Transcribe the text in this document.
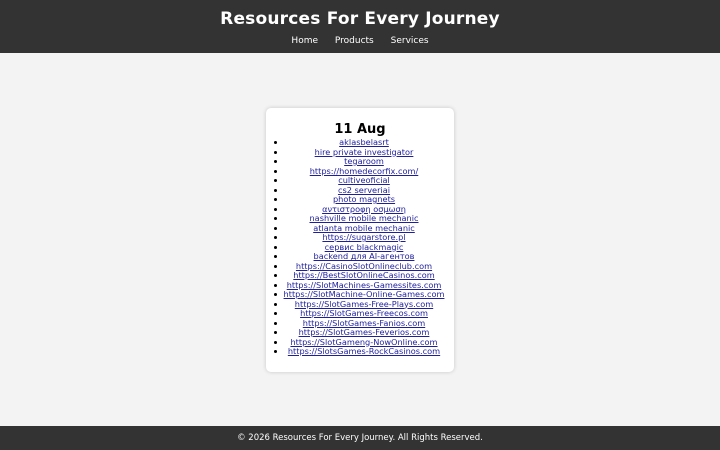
Resources For Every Journey
Home Products Services
11 Aug
aklasbelasrt
hire private investigator
tegaroom
https://homedecorfix.com/
cultiveoficial
cs2 serveriai
photo magnets
αντιστροφη οσμωση
nashville mobile mechanic
atlanta mobile mechanic
https://sugarstore.pl
сервис blackmagic
backend для AI-агентов
https://CasinoSlotOnlineclub.com
https://BestSlotOnlineCasinos.com
https://SlotMachines-Gamessites.com
https://SlotMachine-Online-Games.com
https://SlotGames-Free-Plays.com
https://SlotGames-Freecos.com
https://SlotGames-Fanios.com
https://SlotGames-Feverios.com
https://SlotGameng-NowOnline.com
https://SlotsGames-RockCasinos.com
© 2026 Resources For Every Journey. All Rights Reserved.
